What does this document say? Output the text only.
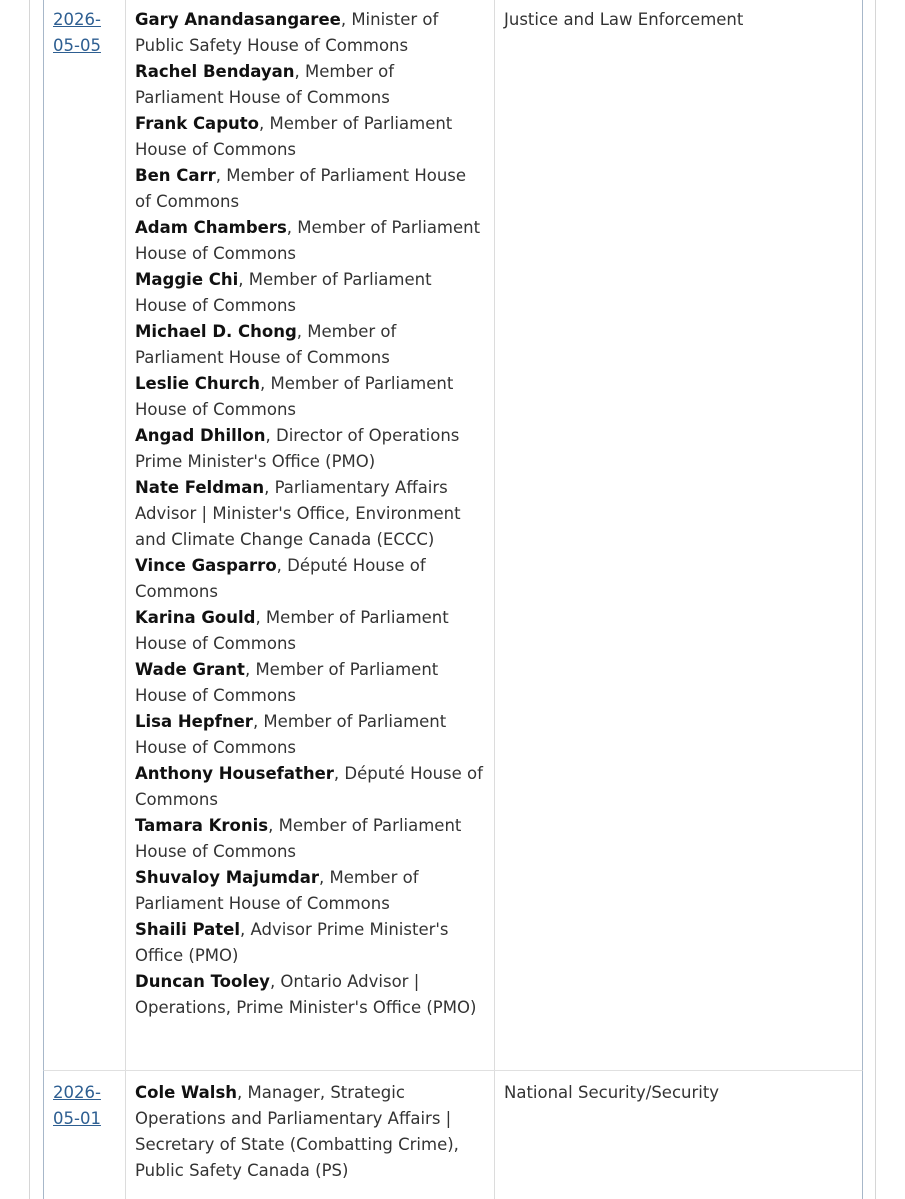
2026-05-05

Gary Anandasangaree, Minister of Public Safety House of Commons

Rachel Bendayan, Member of Parliament House of Commons

Frank Caputo, Member of Parliament House of Commons

Ben Carr, Member of Parliament House of Commons

Adam Chambers, Member of Parliament House of Commons

Maggie Chi, Member of Parliament House of Commons

Michael D. Chong, Member of Parliament House of Commons

Leslie Church, Member of Parliament House of Commons

Angad Dhillon, Director of Operations Prime Minister's Office (PMO)

Nate Feldman, Parliamentary Affairs Advisor | Minister's Office, Environment and Climate Change Canada (ECCC)

Vince Gasparro, Député House of Commons

Karina Gould, Member of Parliament House of Commons

Wade Grant, Member of Parliament House of Commons

Lisa Hepfner, Member of Parliament House of Commons

Anthony Housefather, Député House of Commons

Tamara Kronis, Member of Parliament House of Commons

Shuvaloy Majumdar, Member of Parliament House of Commons

Shaili Patel, Advisor Prime Minister's Office (PMO)

Duncan Tooley, Ontario Advisor | Operations, Prime Minister's Office (PMO)

Justice and Law Enforcement
2026-05-01

Cole Walsh, Manager, Strategic Operations and Parliamentary Affairs | Secretary of State (Combatting Crime), Public Safety Canada (PS)

National Security/Security
